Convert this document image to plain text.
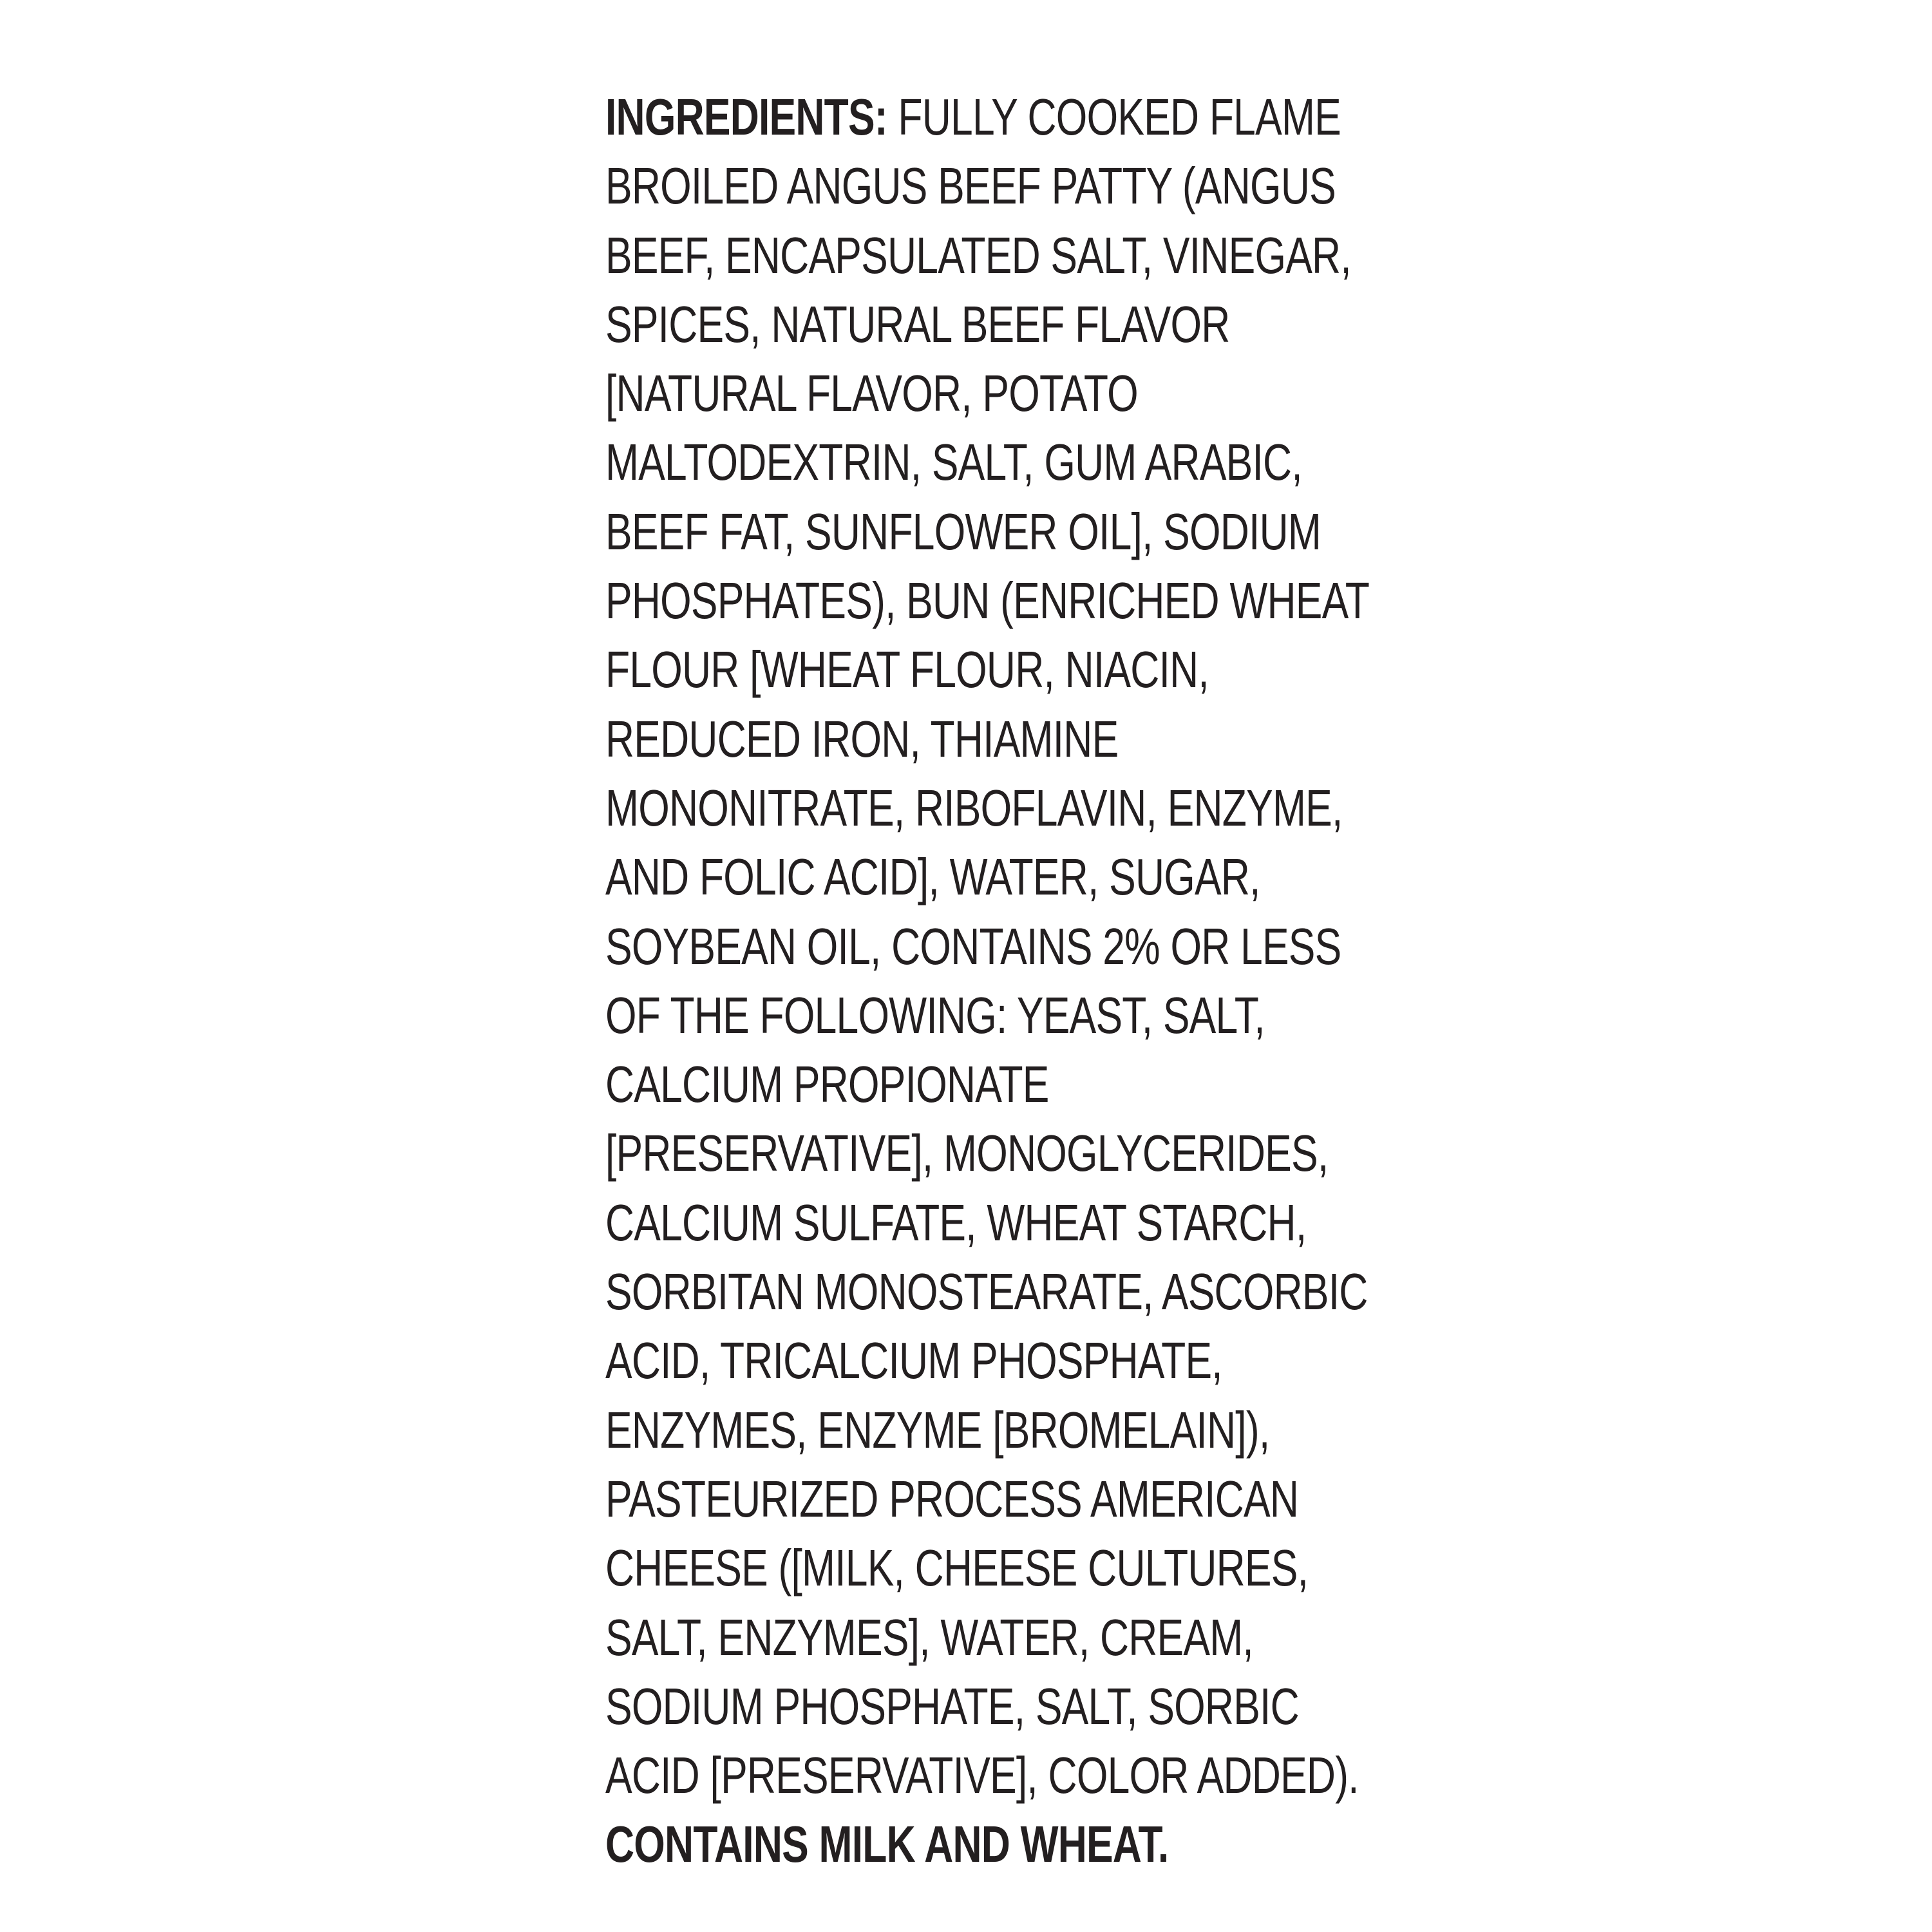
INGREDIENTS: FULLY COOKED FLAME
BROILED ANGUS BEEF PATTY (ANGUS
BEEF, ENCAPSULATED SALT, VINEGAR,
SPICES, NATURAL BEEF FLAVOR
[NATURAL FLAVOR, POTATO
MALTODEXTRIN, SALT, GUM ARABIC,
BEEF FAT, SUNFLOWER OIL], SODIUM
PHOSPHATES), BUN (ENRICHED WHEAT
FLOUR [WHEAT FLOUR, NIACIN,
REDUCED IRON, THIAMINE
MONONITRATE, RIBOFLAVIN, ENZYME,
AND FOLIC ACID], WATER, SUGAR,
SOYBEAN OIL, CONTAINS 2% OR LESS
OF THE FOLLOWING: YEAST, SALT,
CALCIUM PROPIONATE
[PRESERVATIVE], MONOGLYCERIDES,
CALCIUM SULFATE, WHEAT STARCH,
SORBITAN MONOSTEARATE, ASCORBIC
ACID, TRICALCIUM PHOSPHATE,
ENZYMES, ENZYME [BROMELAIN]),
PASTEURIZED PROCESS AMERICAN
CHEESE ([MILK, CHEESE CULTURES,
SALT, ENZYMES], WATER, CREAM,
SODIUM PHOSPHATE, SALT, SORBIC
ACID [PRESERVATIVE], COLOR ADDED).
CONTAINS MILK AND WHEAT.
